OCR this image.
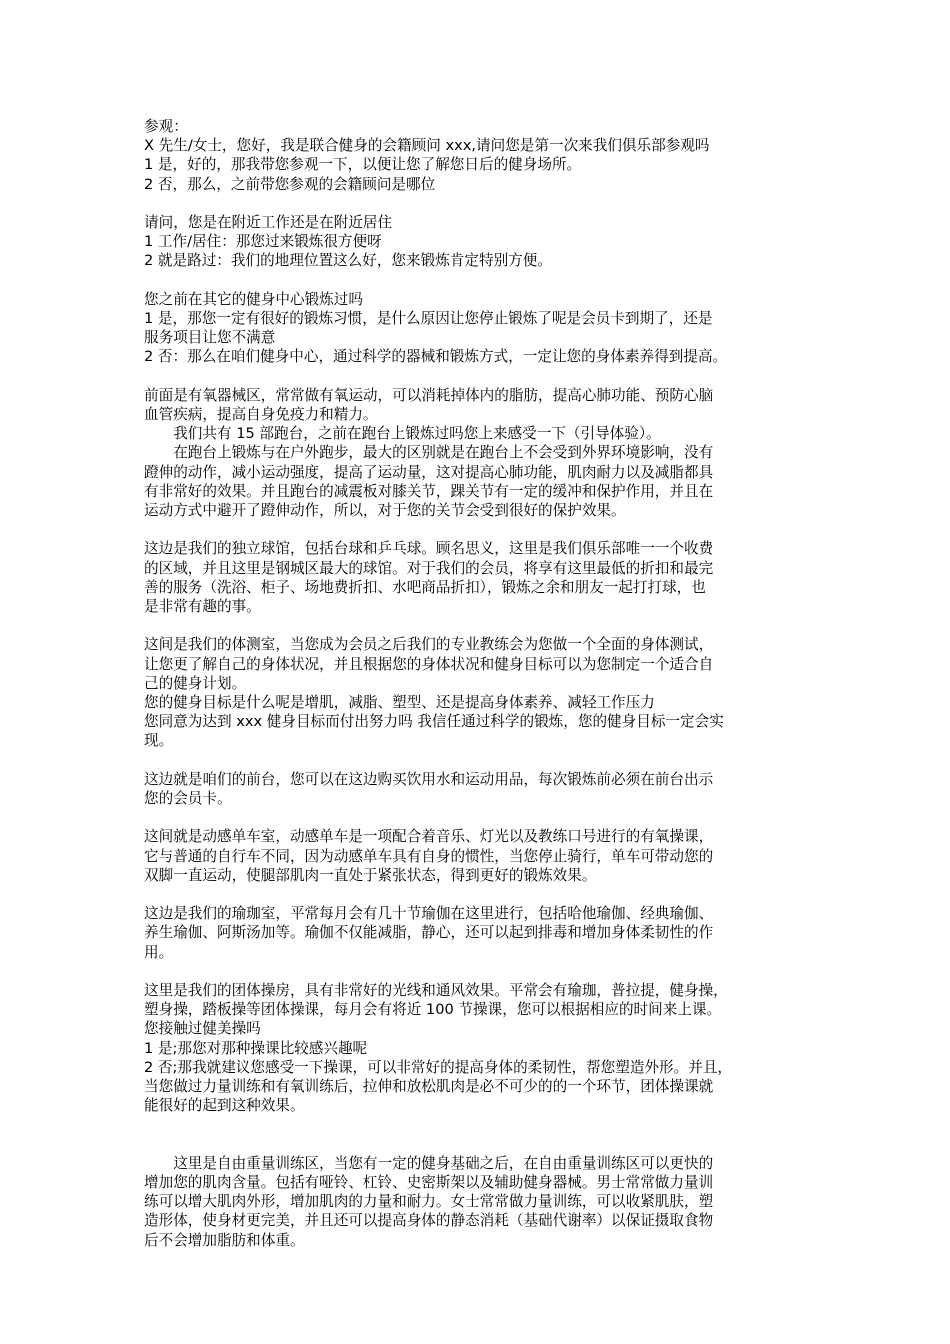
参观：
X 先生/女士，您好，我是联合健身的会籍顾问 xxx,请问您是第一次来我们俱乐部参观吗
1 是，好的，那我带您参观一下，以便让您了解您日后的健身场所。
2 否，那么，之前带您参观的会籍顾问是哪位
请问，您是在附近工作还是在附近居住
1 工作/居住：那您过来锻炼很方便呀
2 就是路过：我们的地理位置这么好，您来锻炼肯定特别方便。
您之前在其它的健身中心锻炼过吗
1 是，那您一定有很好的锻炼习惯，是什么原因让您停止锻炼了呢是会员卡到期了，还是
服务项目让您不满意
2 否：那么在咱们健身中心，通过科学的器械和锻炼方式，一定让您的身体素养得到提高。
前面是有氧器械区，常常做有氧运动，可以消耗掉体内的脂肪，提高心肺功能、预防心脑
血管疾病，提高自身免疫力和精力。
　　我们共有 15 部跑台，之前在跑台上锻炼过吗您上来感受一下（引导体验）。
　　在跑台上锻炼与在户外跑步，最大的区别就是在跑台上不会受到外界环境影响，没有
蹬伸的动作，减小运动强度，提高了运动量，这对提高心肺功能，肌肉耐力以及减脂都具
有非常好的效果。并且跑台的减震板对膝关节，踝关节有一定的缓冲和保护作用，并且在
运动方式中避开了蹬伸动作，所以，对于您的关节会受到很好的保护效果。
这边是我们的独立球馆，包括台球和乒乓球。顾名思义，这里是我们俱乐部唯一一个收费
的区域，并且这里是钢城区最大的球馆。对于我们的会员，将享有这里最低的折扣和最完
善的服务（洗浴、柜子、场地费折扣、水吧商品折扣），锻炼之余和朋友一起打打球，也
是非常有趣的事。
这间是我们的体测室，当您成为会员之后我们的专业教练会为您做一个全面的身体测试，
让您更了解自己的身体状况，并且根据您的身体状况和健身目标可以为您制定一个适合自
己的健身计划。
您的健身目标是什么呢是增肌，减脂、塑型、还是提高身体素养、减轻工作压力
您同意为达到 xxx 健身目标而付出努力吗 我信任通过科学的锻炼，您的健身目标一定会实
现。
这边就是咱们的前台，您可以在这边购买饮用水和运动用品，每次锻炼前必须在前台出示
您的会员卡。
这间就是动感单车室，动感单车是一项配合着音乐、灯光以及教练口号进行的有氧操课，
它与普通的自行车不同，因为动感单车具有自身的惯性，当您停止骑行，单车可带动您的
双脚一直运动，使腿部肌肉一直处于紧张状态，得到更好的锻炼效果。
这边是我们的瑜珈室，平常每月会有几十节瑜伽在这里进行，包括哈他瑜伽、经典瑜伽、
养生瑜伽、阿斯汤加等。瑜伽不仅能减脂，静心，还可以起到排毒和增加身体柔韧性的作
用。
这里是我们的团体操房，具有非常好的光线和通风效果。平常会有瑜珈，普拉提，健身操，
塑身操，踏板操等团体操课，每月会有将近 100 节操课，您可以根据相应的时间来上课。
您接触过健美操吗
1 是;那您对那种操课比较感兴趣呢
2 否;那我就建议您感受一下操课，可以非常好的提高身体的柔韧性，帮您塑造外形。并且，
当您做过力量训练和有氧训练后，拉伸和放松肌肉是必不可少的的一个环节，团体操课就
能很好的起到这种效果。
　　这里是自由重量训练区，当您有一定的健身基础之后，在自由重量训练区可以更快的
增加您的肌肉含量。包括有哑铃、杠铃、史密斯架以及辅助健身器械。男士常常做力量训
练可以增大肌肉外形，增加肌肉的力量和耐力。女士常常做力量训练，可以收紧肌肤，塑
造形体，使身材更完美，并且还可以提高身体的静态消耗（基础代谢率）以保证摄取食物
后不会增加脂肪和体重。
